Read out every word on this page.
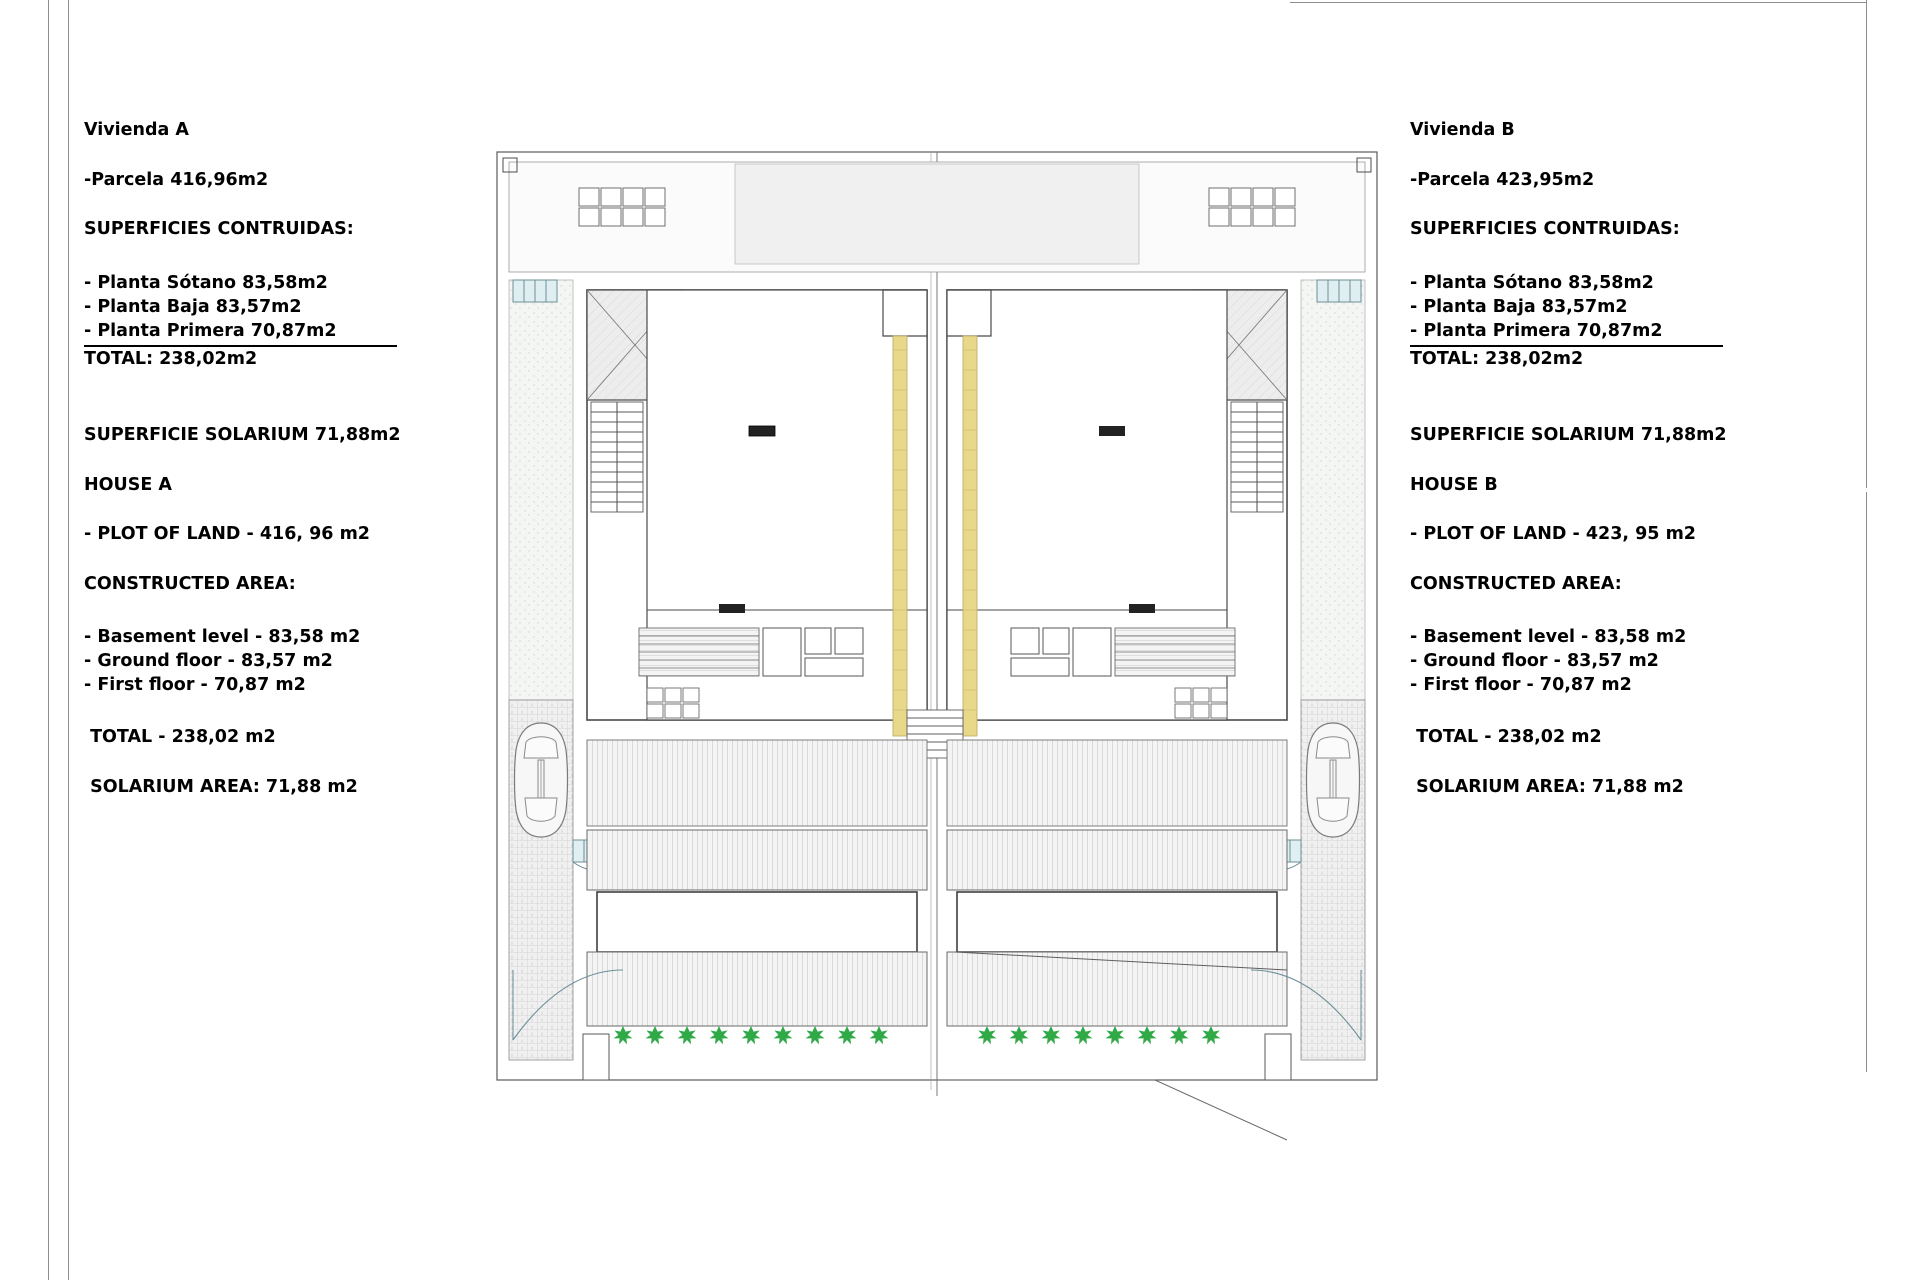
Vivienda A
-Parcela 416,96m2
SUPERFICIES CONTRUIDAS:
- Planta Sótano 83,58m2
- Planta Baja 83,57m2
- Planta Primera 70,87m2
TOTAL: 238,02m2
SUPERFICIE SOLARIUM 71,88m2
HOUSE A
- PLOT OF LAND - 416, 96 m2
CONSTRUCTED AREA:
- Basement level - 83,58 m2
- Ground floor - 83,57 m2
- First floor - 70,87 m2
TOTAL - 238,02 m2
SOLARIUM AREA: 71,88 m2
Vivienda B
-Parcela 423,95m2
SUPERFICIES CONTRUIDAS:
- Planta Sótano 83,58m2
- Planta Baja 83,57m2
- Planta Primera 70,87m2
TOTAL: 238,02m2
SUPERFICIE SOLARIUM 71,88m2
HOUSE B
- PLOT OF LAND - 423, 95 m2
CONSTRUCTED AREA:
- Basement level - 83,58 m2
- Ground floor - 83,57 m2
- First floor - 70,87 m2
TOTAL - 238,02 m2
SOLARIUM AREA: 71,88 m2
